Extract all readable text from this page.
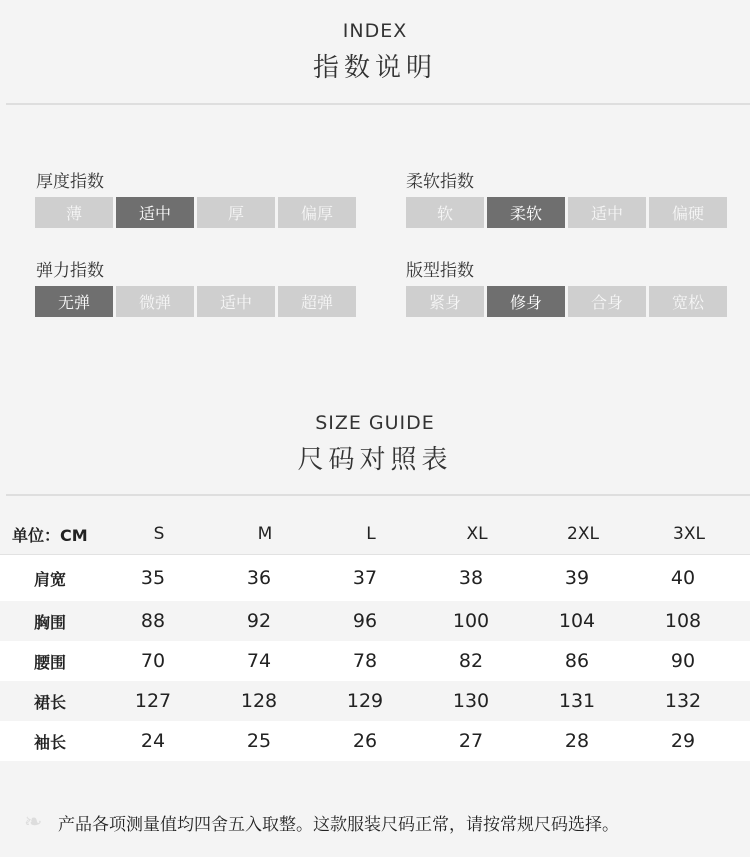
INDEX
指数说明
厚度指数
薄	适中	厚	偏厚
柔软指数
软	柔软	适中	偏硬
弹力指数
无弹	微弹	适中	超弹
版型指数
紧身	修身	合身	宽松
SIZE GUIDE
尺码对照表
单位：CM	S	M	L	XL	2XL	3XL
肩宽	35	36	37	38	39	40
胸围	88	92	96	100	104	108
腰围	70	74	78	82	86	90
裙长	127	128	129	130	131	132
袖长	24	25	26	27	28	29
❧ 产品各项测量值均四舍五入取整。这款服装尺码正常，请按常规尺码选择。
